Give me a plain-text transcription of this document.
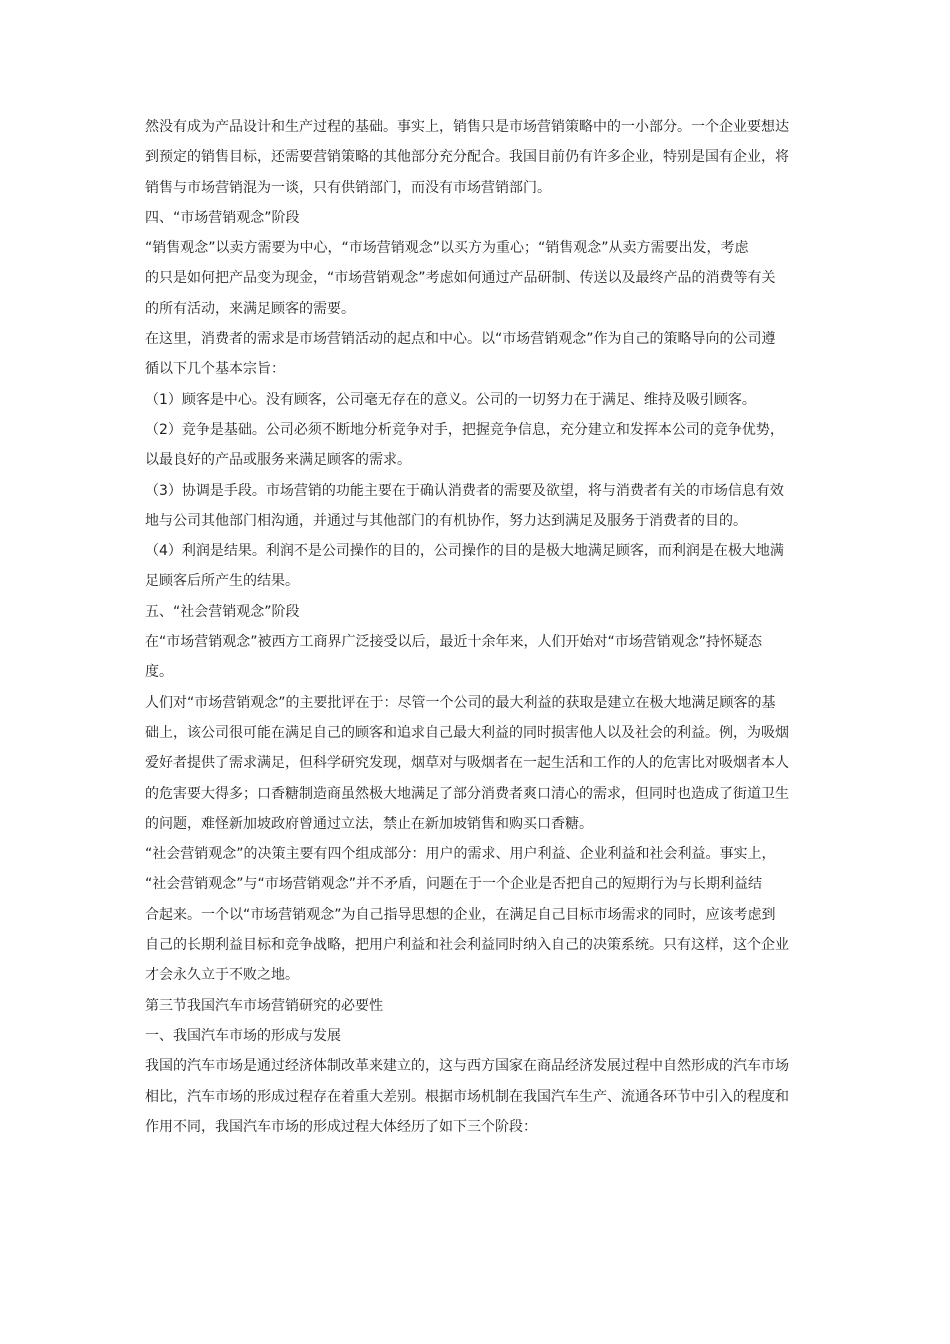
然没有成为产品设计和生产过程的基础。事实上，销售只是市场营销策略中的一小部分。一个企业要想达
到预定的销售目标，还需要营销策略的其他部分充分配合。我国目前仍有许多企业，特别是国有企业，将
销售与市场营销混为一谈，只有供销部门，而没有市场营销部门。

四、“市场营销观念”阶段

“销售观念”以卖方需要为中心，“市场营销观念”以买方为重心；“销售观念”从卖方需要出发，考虑
的只是如何把产品变为现金，“市场营销观念”考虑如何通过产品研制、传送以及最终产品的消费等有关
的所有活动，来满足顾客的需要。

在这里，消费者的需求是市场营销活动的起点和中心。以“市场营销观念”作为自己的策略导向的公司遵
循以下几个基本宗旨：

（1）顾客是中心。没有顾客，公司毫无存在的意义。公司的一切努力在于满足、维持及吸引顾客。

（2）竞争是基础。公司必须不断地分析竞争对手，把握竞争信息，充分建立和发挥本公司的竞争优势，
以最良好的产品或服务来满足顾客的需求。

（3）协调是手段。市场营销的功能主要在于确认消费者的需要及欲望，将与消费者有关的市场信息有效
地与公司其他部门相沟通，并通过与其他部门的有机协作，努力达到满足及服务于消费者的目的。

（4）利润是结果。利润不是公司操作的目的，公司操作的目的是极大地满足顾客，而利润是在极大地满
足顾客后所产生的结果。

五、“社会营销观念”阶段

在“市场营销观念”被西方工商界广泛接受以后，最近十余年来，人们开始对“市场营销观念”持怀疑态
度。

人们对“市场营销观念”的主要批评在于：尽管一个公司的最大利益的获取是建立在极大地满足顾客的基
础上，该公司很可能在满足自己的顾客和追求自己最大利益的同时损害他人以及社会的利益。例，为吸烟
爱好者提供了需求满足，但科学研究发现，烟草对与吸烟者在一起生活和工作的人的危害比对吸烟者本人
的危害要大得多；口香糖制造商虽然极大地满足了部分消费者爽口清心的需求，但同时也造成了街道卫生
的问题，难怪新加坡政府曾通过立法，禁止在新加坡销售和购买口香糖。

“社会营销观念”的决策主要有四个组成部分：用户的需求、用户利益、企业利益和社会利益。事实上，
“社会营销观念”与“市场营销观念”并不矛盾，问题在于一个企业是否把自己的短期行为与长期利益结
合起来。一个以“市场营销观念”为自己指导思想的企业，在满足自己目标市场需求的同时，应该考虑到
自己的长期利益目标和竞争战略，把用户利益和社会利益同时纳入自己的决策系统。只有这样，这个企业
才会永久立于不败之地。

第三节我国汽车市场营销研究的必要性

一、我国汽车市场的形成与发展

我国的汽车市场是通过经济体制改革来建立的，这与西方国家在商品经济发展过程中自然形成的汽车市场
相比，汽车市场的形成过程存在着重大差别。根据市场机制在我国汽车生产、流通各环节中引入的程度和
作用不同，我国汽车市场的形成过程大体经历了如下三个阶段：
